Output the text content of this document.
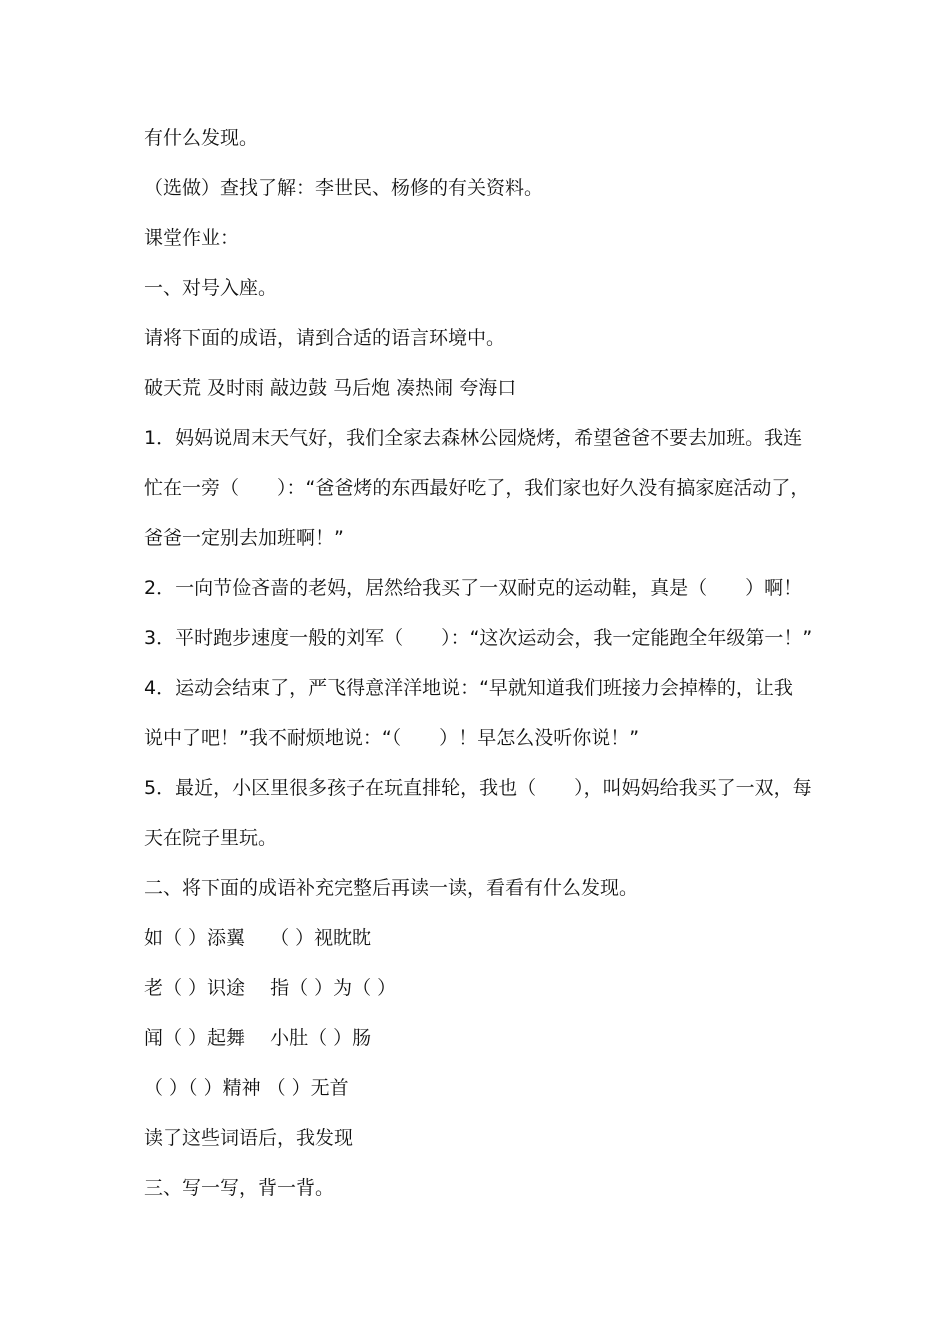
有什么发现。
（选做）查找了解：李世民、杨修的有关资料。
课堂作业：
一、对号入座。
请将下面的成语，请到合适的语言环境中。
破天荒 及时雨 敲边鼓 马后炮 凑热闹 夸海口
1．妈妈说周末天气好，我们全家去森林公园烧烤，希望爸爸不要去加班。我连
忙在一旁（　　）：“爸爸烤的东西最好吃了，我们家也好久没有搞家庭活动了，
爸爸一定别去加班啊！”
2．一向节俭吝啬的老妈，居然给我买了一双耐克的运动鞋，真是（　　）啊！
3．平时跑步速度一般的刘军（　　）：“这次运动会，我一定能跑全年级第一！”
4．运动会结束了，严飞得意洋洋地说：“早就知道我们班接力会掉棒的，让我
说中了吧！”我不耐烦地说：“（　　）！早怎么没听你说！”
5．最近，小区里很多孩子在玩直排轮，我也（　　），叫妈妈给我买了一双，每
天在院子里玩。
二、将下面的成语补充完整后再读一读，看看有什么发现。
如（ ）添翼　 （ ）视眈眈
老（ ）识途　 指（ ）为（ ）
闻（ ）起舞　 小肚（ ）肠
（ ）（ ）精神 （ ）无首
读了这些词语后，我发现
三、写一写，背一背。
